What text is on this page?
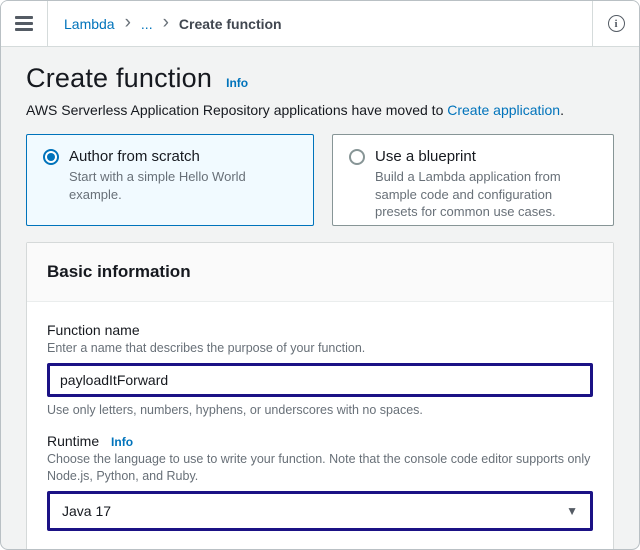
Lambda › ... › Create function	i
Create function Info

AWS Serverless Application Repository applications have moved to Create application.

Author from scratch
Start with a simple Hello World example.
Use a blueprint
Build a Lambda application from sample code and configuration presets for common use cases.
Basic information
Function name
Enter a name that describes the purpose of your function.
payloadItForward
Use only letters, numbers, hyphens, or underscores with no spaces.
Runtime Info
Choose the language to use to write your function. Note that the console code editor supports only Node.js, Python, and Ruby.
Java 17	▼
